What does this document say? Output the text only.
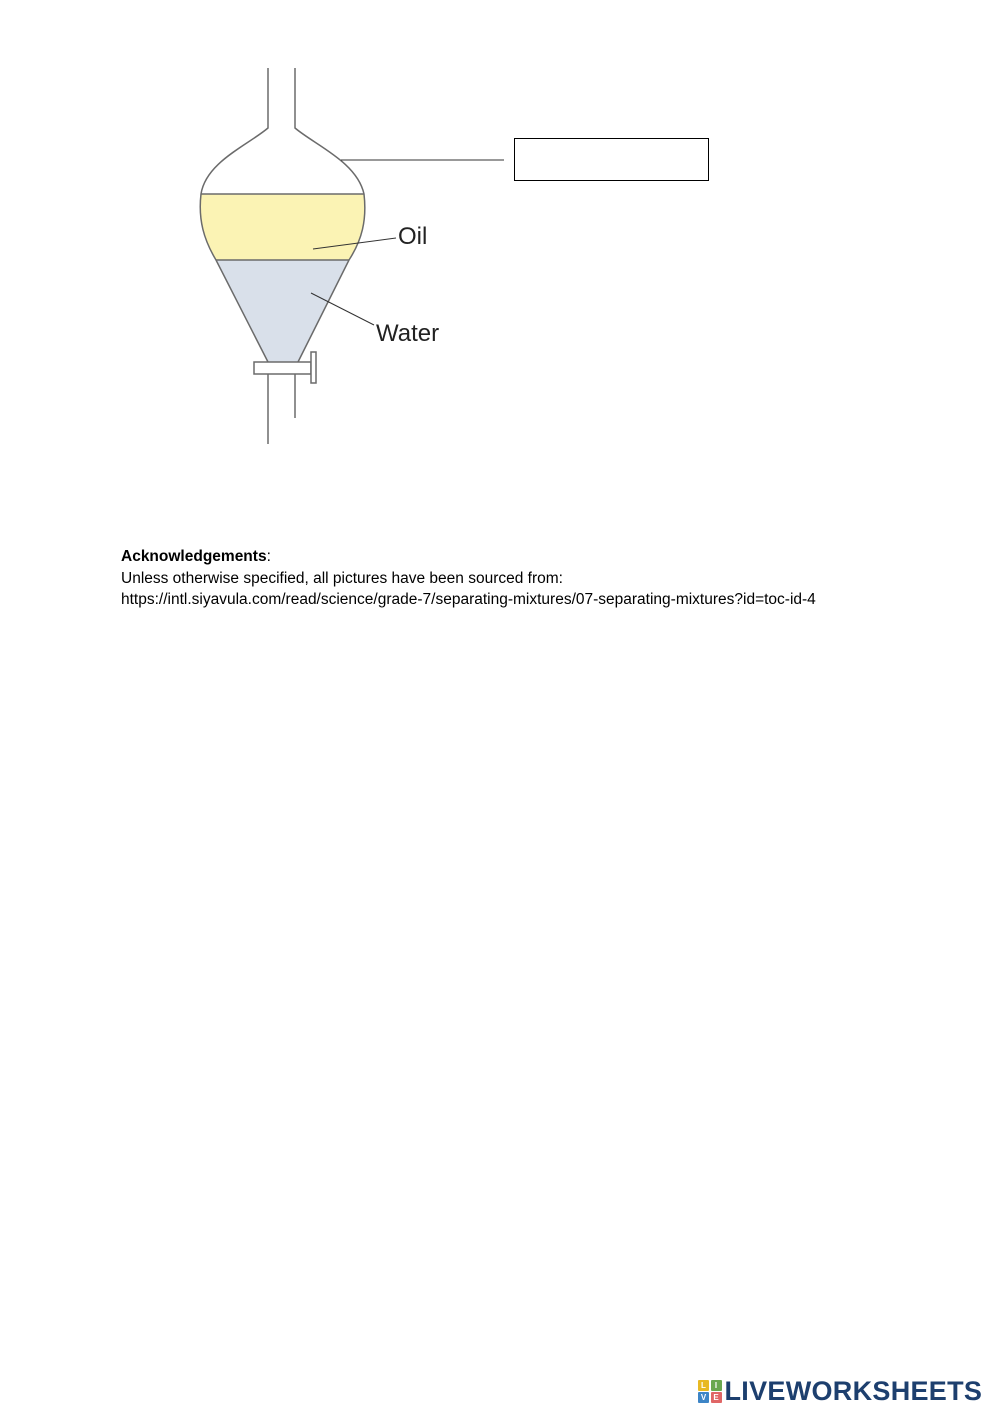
Oil
Water
Acknowledgements:
Unless otherwise specified, all pictures have been sourced from:
https://intl.siyavula.com/read/science/grade-7/separating-mixtures/07-separating-mixtures?id=toc-id-4
L	I
V E LIVEWORKSHEETS
